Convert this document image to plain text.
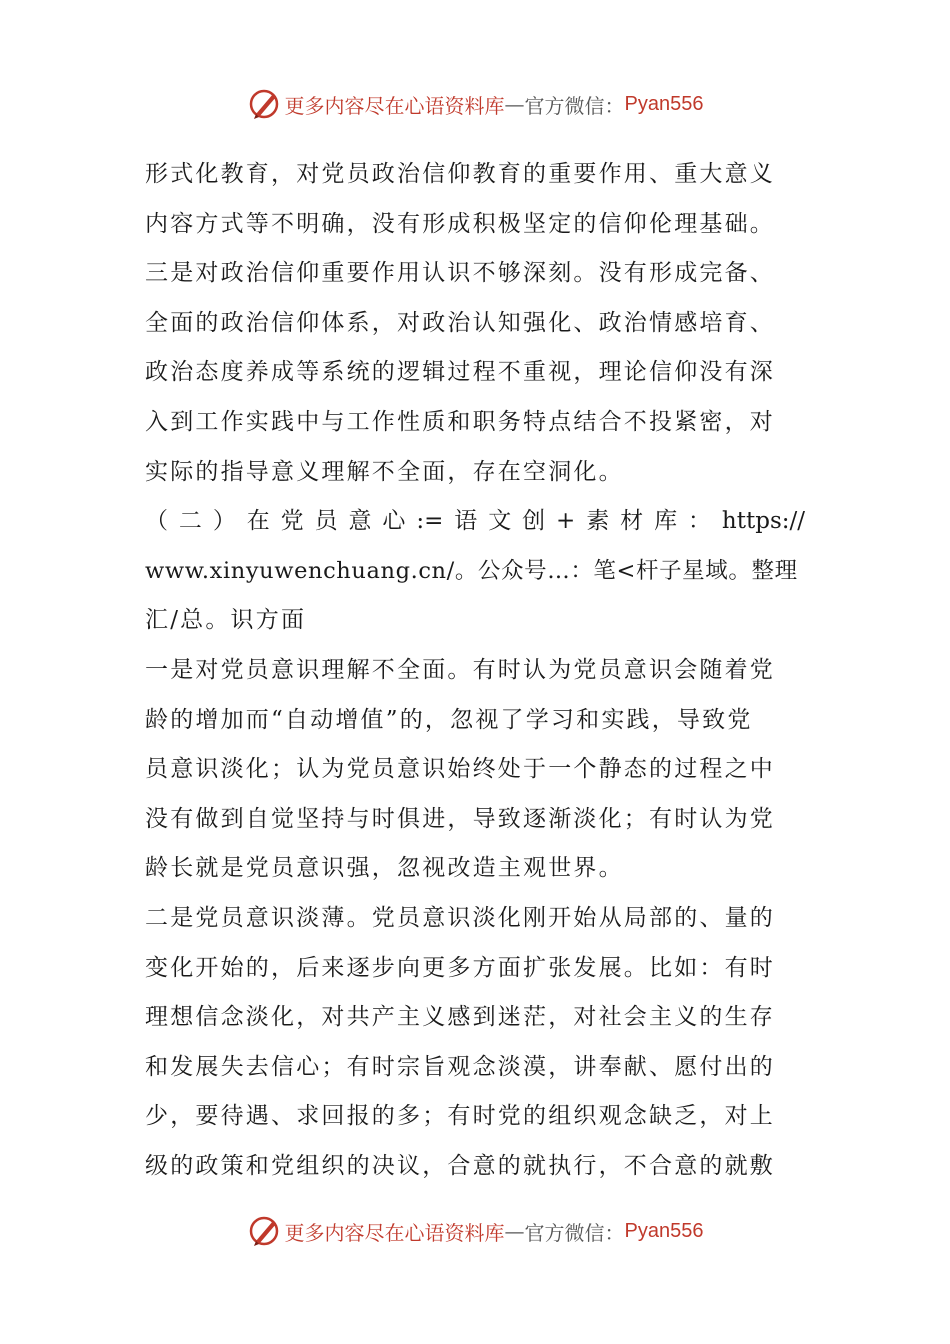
更多内容尽在心语资料库 — 官方微信： Pyan556
形式化教育，对党员政治信仰教育的重要作用、重大意义
内容方式等不明确，没有形成积极坚定的信仰伦理基础。
三是对政治信仰重要作用认识不够深刻。没有形成完备、
全面的政治信仰体系，对政治认知强化、政治情感培育、
政治态度养成等系统的逻辑过程不重视，理论信仰没有深
入到工作实践中与工作性质和职务特点结合不投紧密，对
实际的指导意义理解不全面，存在空洞化。
（二）在党员意心:=语文创+素材库：https://
www.xinyuwenchuang.cn/。公众号…：笔<杆子星域。整理
汇/总。识方面
一是对党员意识理解不全面。有时认为党员意识会随着党
龄的增加而“自动增值”的，忽视了学习和实践，导致党
员意识淡化；认为党员意识始终处于一个静态的过程之中
没有做到自觉坚持与时俱进，导致逐渐淡化；有时认为党
龄长就是党员意识强，忽视改造主观世界。
二是党员意识淡薄。党员意识淡化刚开始从局部的、量的
变化开始的，后来逐步向更多方面扩张发展。比如：有时
理想信念淡化，对共产主义感到迷茫，对社会主义的生存
和发展失去信心；有时宗旨观念淡漠，讲奉献、愿付出的
少，要待遇、求回报的多；有时党的组织观念缺乏，对上
级的政策和党组织的决议，合意的就执行，不合意的就敷
更多内容尽在心语资料库 — 官方微信： Pyan556
